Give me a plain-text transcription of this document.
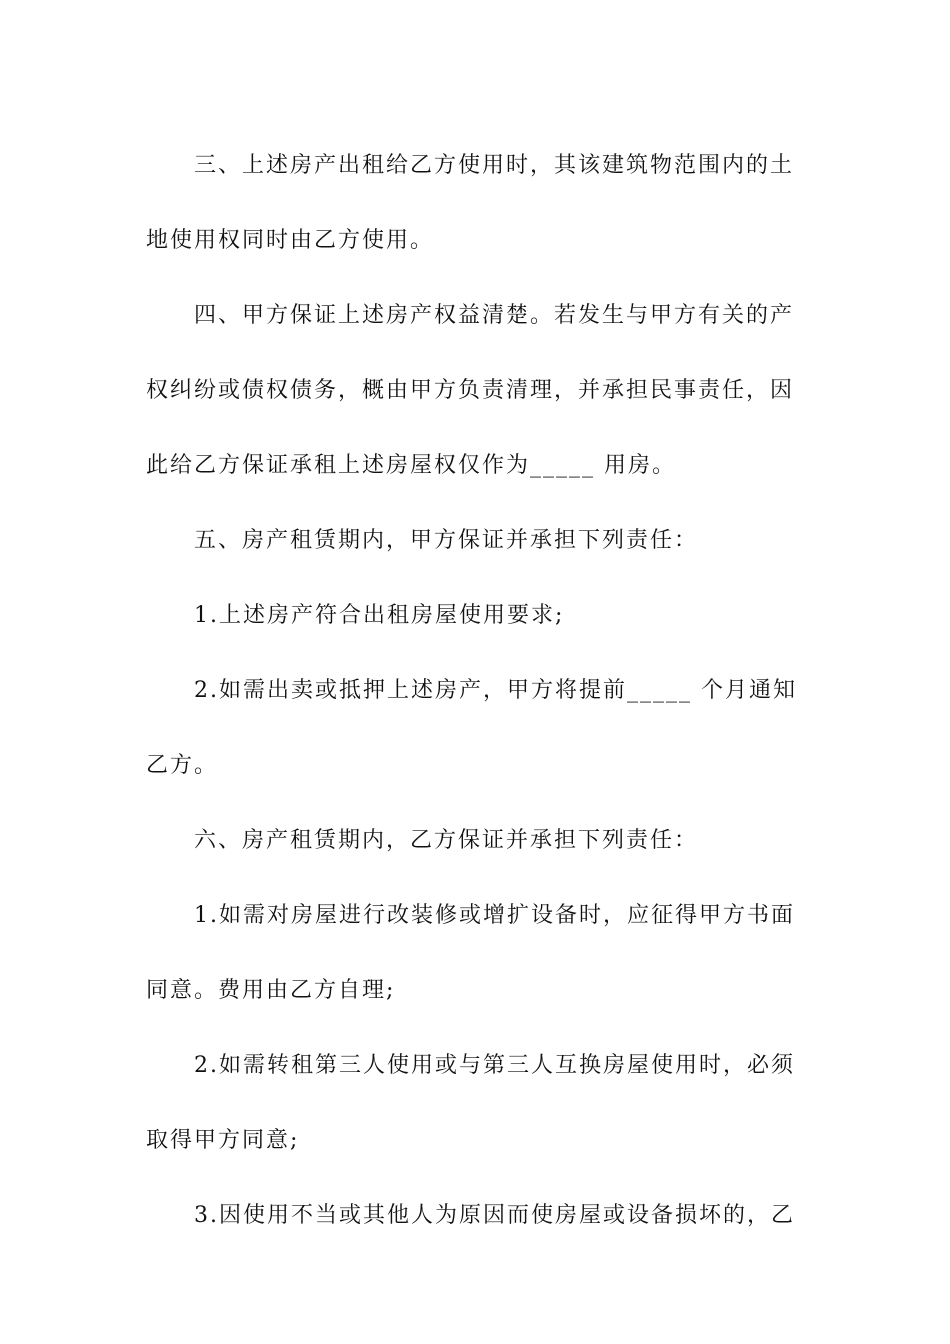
三、上述房产出租给乙方使用时，其该建筑物范围内的土
地使用权同时由乙方使用。

四、甲方保证上述房产权益清楚。若发生与甲方有关的产
权纠纷或债权债务，概由甲方负责清理，并承担民事责任，因
此给乙方保证承租上述房屋权仅作为_____ 用房。

五、房产租赁期内，甲方保证并承担下列责任：

1.上述房产符合出租房屋使用要求;

2.如需出卖或抵押上述房产，甲方将提前_____ 个月通知
乙方。

六、房产租赁期内，乙方保证并承担下列责任：

1.如需对房屋进行改装修或增扩设备时，应征得甲方书面
同意。费用由乙方自理;

2.如需转租第三人使用或与第三人互换房屋使用时，必须
取得甲方同意;

3.因使用不当或其他人为原因而使房屋或设备损坏的，乙
